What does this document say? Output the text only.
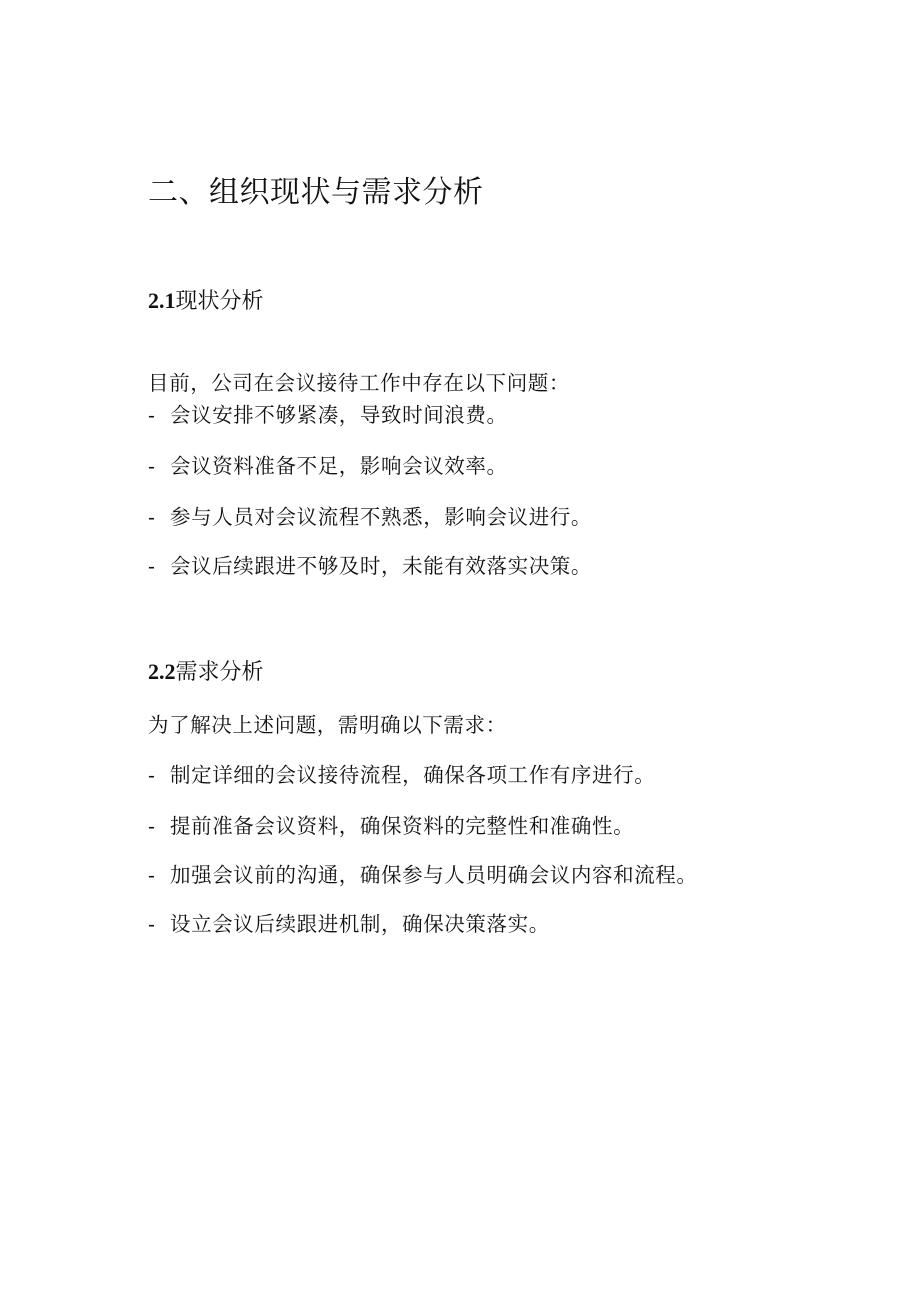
二、组织现状与需求分析
2.1现状分析

目前，公司在会议接待工作中存在以下问题：

- 会议安排不够紧凑，导致时间浪费。

- 会议资料准备不足，影响会议效率。

- 参与人员对会议流程不熟悉，影响会议进行。

- 会议后续跟进不够及时，未能有效落实决策。

2.2需求分析

为了解决上述问题，需明确以下需求：

- 制定详细的会议接待流程，确保各项工作有序进行。

- 提前准备会议资料，确保资料的完整性和准确性。

- 加强会议前的沟通，确保参与人员明确会议内容和流程。

- 设立会议后续跟进机制，确保决策落实。
